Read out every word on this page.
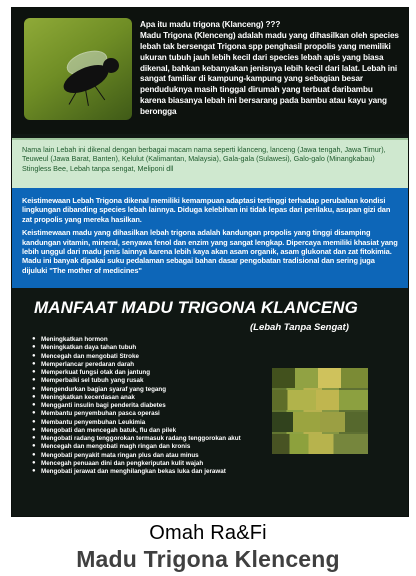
Apa itu madu trigona (Klanceng) ???
Madu Trigona (Klenceng) adalah madu yang dihasilkan oleh species lebah tak bersengat Trigona spp penghasil propolis yang memiliki ukuran tubuh jauh lebih kecil dari species lebah apis yang biasa dikenal, bahkan kebanyakan jenisnya lebih kecil dari lalat. Lebah ini sangat familiar di kampung-kampung yang sebagian besar penduduknya masih tinggal dirumah yang terbuat daribambu karena biasanya lebah ini bersarang pada bambu atau kayu yang berongga
Nama lain Lebah ini dikenal dengan berbagai macam nama seperti klanceng, lanceng (Jawa tengah, Jawa Timur), Teuweul (Jawa Barat, Banten), Kelulut (Kalimantan, Malaysia), Gala-gala (Sulawesi), Galo-galo (Minangkabau) Stingless Bee, Lebah tanpa sengat, Meliponi dll

Keistimewaan Lebah Trigona dikenal memiliki kemampuan adaptasi tertinggi terhadap perubahan kondisi lingkungan dibanding species lebah lainnya. Diduga kelebihan ini tidak lepas dari perilaku, asupan gizi dan zat propolis yang mereka hasilkan.

Keistimewaan madu yang dihasilkan lebah trigona adalah kandungan propolis yang tinggi disamping kandungan vitamin, mineral, senyawa fenol dan enzim yang sangat lengkap. Dipercaya memiliki khasiat yang lebih unggul dari madu jenis lainnya karena lebih kaya akan asam organik, asam glukonat dan zat fitokimia. Madu ini banyak dipakai suku pedalaman sebagai bahan dasar pengobatan tradisional dan sering juga dijuluki "The mother of medicines"

MANFAAT MADU TRIGONA KLANCENG
(Lebah Tanpa Sengat)
● Meningkatkan hormon
● Meningkatkan daya tahan tubuh
● Mencegah dan mengobati Stroke
● Memperlancar peredaran darah
● Memperkuat fungsi otak dan jantung
● Memperbaiki sel tubuh yang rusak
● Mengendurkan bagian syaraf yang tegang
● Meningkatkan kecerdasan anak
● Mengganti insulin bagi penderita diabetes
● Membantu penyembuhan pasca operasi
● Membantu penyembuhan Leukimia
● Mengobati dan mencegah batuk, flu dan pilek
● Mengobati radang tenggorokan termasuk radang tenggorokan akut
● Mencegah dan mengobati magh ringan dan kronis
● Mengobati penyakit mata ringan plus dan atau minus
● Mencegah penuaan dini dan pengkeriputan kulit wajah
● Mengobati jerawat dan menghilangkan bekas luka dan jerawat
Omah Ra&Fi
Madu Trigona Klenceng
